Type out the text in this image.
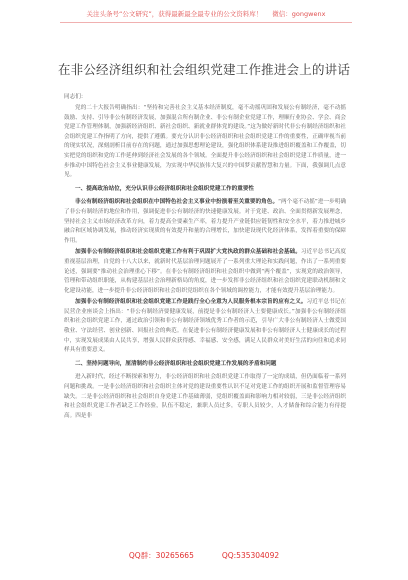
关注头条号“公文研究”，获得最新最全最专业的公文资料库！ 微信：gongwenx
在非公经济组织和社会组织党建工作推进会上的讲话
同志们：

党的二十大报告明确指出：“坚持和完善社会主义基本经济制度，毫不动摇巩固和发展公有制经济，毫不动摇鼓励、支持、引导非公有制经济发展，加强混合所有制企业、非公有制企业党建工作，理顺行业协会、学会、商会党建工作管理体制，加强新经济组织、新社会组织、新就业群体党的建设。”这为做好新时代非公有制经济组织和社会组织党建工作指明了方向，提供了遵循。要充分认识非公经济组织和社会组织党建工作的重要性，正确审视当前的现实状况，深刻剖析目前存在的问题，通过加强思想理论建设，强化组织体系建设推进组织覆盖和工作覆盖，切实把党的组织和党的工作延伸到经济社会发展的各个领域。全面提升非公经济组织和社会组织党建工作质量，进一步推动中国特色社会主义事业健康发展，为实现中华民族伟大复兴的中国梦贡献智慧和力量。下面，我强调几点意见。

一、提高政治站位，充分认识非公经济组织和社会组织党建工作的重要性

非公有制经济组织和社会组织在中国特色社会主义事业中扮演着至关重要的角色。“两个毫不动摇”进一步明确了非公有制经济的地位和作用，强调促进非公有制经济的快速健康发展。对于党建、政治、全面贯彻新发展理念，坚持社会主义市场经济改革方向，着力提高全要素生产率，着力提升产业链供应链韧性和安全水平，着力推进城乡融合和区域协调发展，推动经济实现质的有效提升和量的合理增长，加快建设现代化经济体系，发挥着重要的保障作用。

加强非公有制经济组织和社会组织党建工作有利于巩固扩大党执政的群众基础和社会基础。习近平总书记高度重视基层治理，自党的十八大以来，就新时代基层治理问题展开了一系列重大理论和实践问题，作出了一系列重要论述，强调要“推动社会治理重心下移”。在非公有制经济组织和社会组织中做到“两个覆盖”，实现党的政治领导，管理和带动组织职能，从构建基层社会治理新格局的角度，进一步发挥非公经济组织和社会组织党建联动机制和文化建设功能，进一步提升非公经济组织和社会组织党组织在各个领域的调控能力，才能有效提升基层治理能力。

加强非公有制经济组织和社会组织党建工作是践行全心全意为人民服务根本宗旨的应有之义。习近平总书记在民营企业座谈会上指出：“非公有制经济要健康发展，前提是非公有制经济人士要健康成长。”加强非公有制经济组织和社会组织党建工作，通过政治引领和非公有制经济领域优秀工作者的示范，引导广大非公有制经济人士做爱国敬业、守法经营、创业创新、回报社会的典范。在促进非公有制经济健康发展和非公有制经济人士健康成长的过程中，实现发展成果由人民共享，增强人民群众获得感、幸福感、安全感，满足人民群众对美好生活的向往和追求同样具有重要意义。

二、坚持问题导向，厘清制约非公经济组织和社会组织党建工作发展的矛盾和问题

进入新时代，经过不断探索和努力，非公经济组织和社会组织党建工作取得了一定的成绩，但仍面临着一系列问题和挑战。一是非公经济组织和社会组织主体对党的建设重要性认识不足对党建工作的组织开展和监督管理容易缺失。二是非公经济组织和社会组织自身党建工作基础薄弱，党组织覆盖面和影响力相对较弱，三是非公经济组织和社会组织党建工作者缺乏工作经验，队伍不稳定，兼职人员过多，专职人员较少，人才储备和综合能力有待提高。四是非

QQ群：30265665	QQ:535304092
